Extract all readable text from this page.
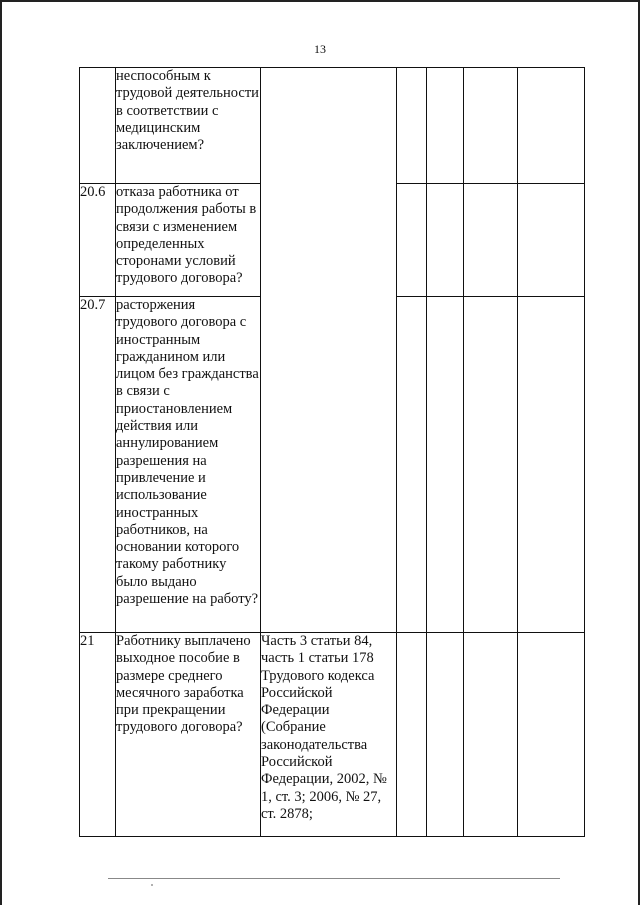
13
	неспособным к трудовой деятельности в соответствии с медицинским заключением?					
20.6	отказа работника от продолжения работы в связи с изменением определенных сторонами условий трудового договора?					
20.7	расторжения трудового договора с иностранным гражданином или лицом без гражданства в связи с приостановлением действия или аннулированием разрешения на привлечение и использование иностранных работников, на основании которого такому работнику было выдано разрешение на работу?					
21	Работнику выплачено выходное пособие в размере среднего месячного заработка при прекращении трудового договора?	Часть 3 статьи 84, часть 1 статьи 178 Трудового кодекса Российской Федерации (Собрание законодательства Российской Федерации, 2002, № 1, ст. 3; 2006, № 27, ст. 2878;				
